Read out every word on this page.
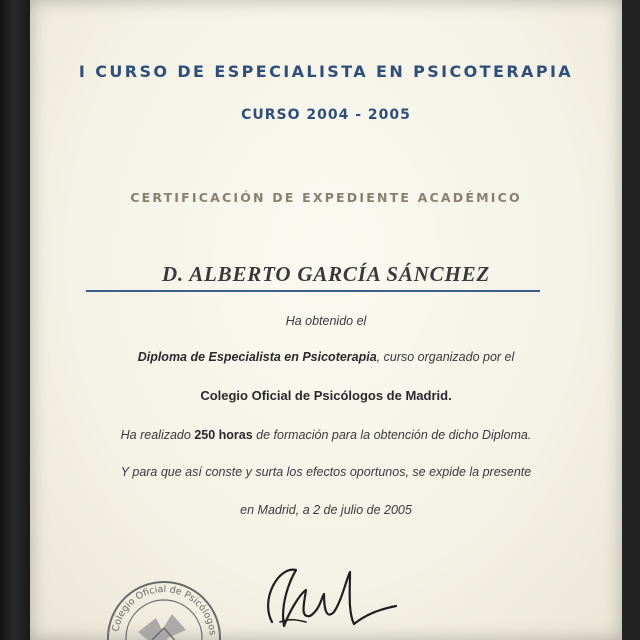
I CURSO DE ESPECIALISTA EN PSICOTERAPIA
CURSO 2004 - 2005
CERTIFICACIÓN DE EXPEDIENTE ACADÉMICO
D. ALBERTO GARCÍA SÁNCHEZ
Ha obtenido el
Diploma de Especialista en Psicoterapia, curso organizado por el
Colegio Oficial de Psicólogos de Madrid.
Ha realizado 250 horas de formación para la obtención de dicho Diploma.
Y para que así conste y surta los efectos oportunos, se expide la presente
en Madrid, a 2 de julio de 2005
Colegio Oficial de Psicólogos
